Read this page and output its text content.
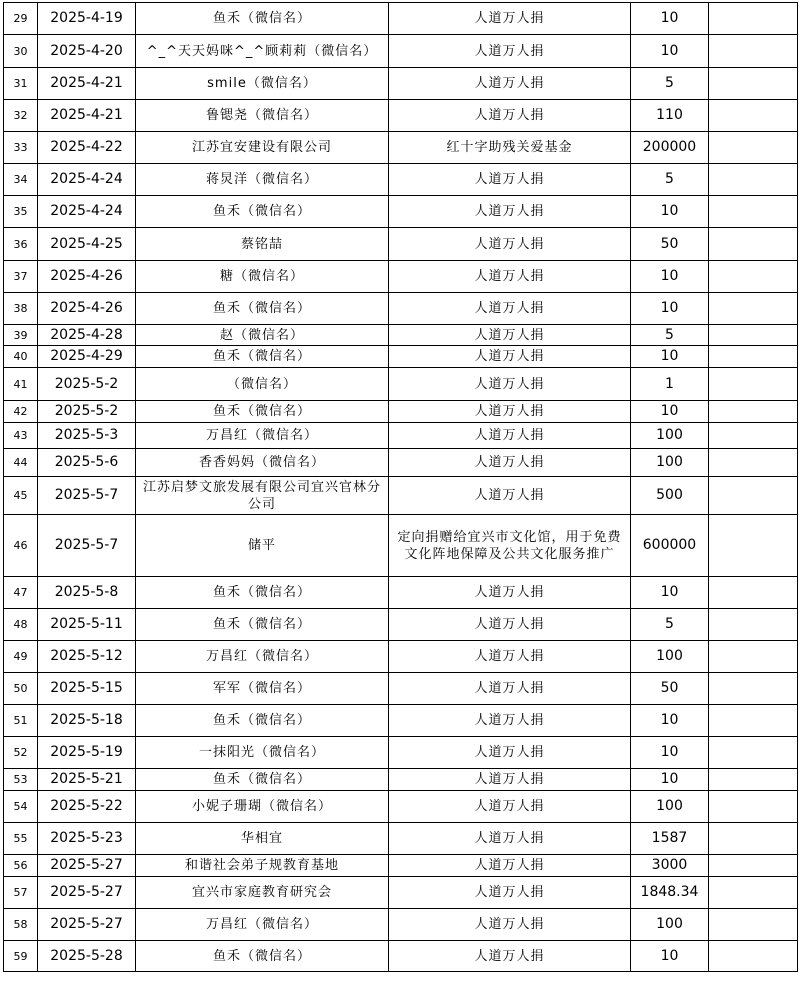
29	2025-4-19	鱼禾（微信名）	人道万人捐	10	
30	2025-4-20	^_^天天妈咪^_^顾莉莉（微信名）	人道万人捐	10	
31	2025-4-21	smile（微信名）	人道万人捐	5	
32	2025-4-21	鲁锶尧（微信名）	人道万人捐	110	
33	2025-4-22	江苏宜安建设有限公司	红十字助残关爱基金	200000	
34	2025-4-24	蒋炅洋（微信名）	人道万人捐	5	
35	2025-4-24	鱼禾（微信名）	人道万人捐	10	
36	2025-4-25	蔡铭喆	人道万人捐	50	
37	2025-4-26	糖（微信名）	人道万人捐	10	
38	2025-4-26	鱼禾（微信名）	人道万人捐	10	
39	2025-4-28	赵（微信名）	人道万人捐	5	
40	2025-4-29	鱼禾（微信名）	人道万人捐	10	
41	2025-5-2	（微信名）	人道万人捐	1	
42	2025-5-2	鱼禾（微信名）	人道万人捐	10	
43	2025-5-3	万昌红（微信名）	人道万人捐	100	
44	2025-5-6	香香妈妈（微信名）	人道万人捐	100	
45	2025-5-7	江苏启梦文旅发展有限公司宜兴官林分公司	人道万人捐	500	
46	2025-5-7	储平	定向捐赠给宜兴市文化馆，用于免费文化阵地保障及公共文化服务推广	600000	
47	2025-5-8	鱼禾（微信名）	人道万人捐	10	
48	2025-5-11	鱼禾（微信名）	人道万人捐	5	
49	2025-5-12	万昌红（微信名）	人道万人捐	100	
50	2025-5-15	军军（微信名）	人道万人捐	50	
51	2025-5-18	鱼禾（微信名）	人道万人捐	10	
52	2025-5-19	一抹阳光（微信名）	人道万人捐	10	
53	2025-5-21	鱼禾（微信名）	人道万人捐	10	
54	2025-5-22	小妮子珊瑚（微信名）	人道万人捐	100	
55	2025-5-23	华相宜	人道万人捐	1587	
56	2025-5-27	和谐社会弟子规教育基地	人道万人捐	3000	
57	2025-5-27	宜兴市家庭教育研究会	人道万人捐	1848.34	
58	2025-5-27	万昌红（微信名）	人道万人捐	100	
59	2025-5-28	鱼禾（微信名）	人道万人捐	10	
